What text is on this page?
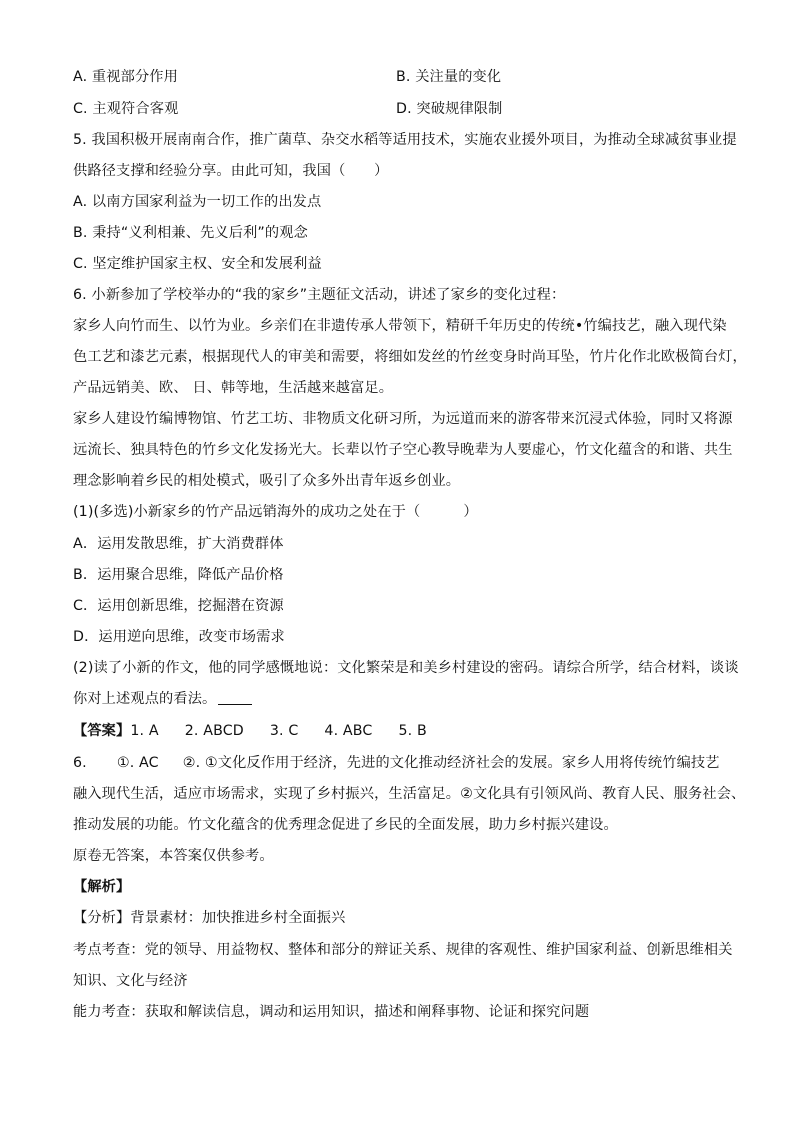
A. 重视部分作用	B. 关注量的变化
C. 主观符合客观	D. 突破规律限制
5. 我国积极开展南南合作，推广菌草、杂交水稻等适用技术，实施农业援外项目，为推动全球减贫事业提
供路径支撑和经验分享。由此可知，我国（　　）
A. 以南方国家利益为一切工作的出发点
B. 秉持“义利相兼、先义后利”的观念
C. 坚定维护国家主权、安全和发展利益
6. 小新参加了学校举办的“我的家乡”主题征文活动，讲述了家乡的变化过程：
家乡人向竹而生、以竹为业。乡亲们在非遗传承人带领下，精研千年历史的传统•竹编技艺，融入现代染
色工艺和漆艺元素，根据现代人的审美和需要，将细如发丝的竹丝变身时尚耳坠，竹片化作北欧极简台灯，
产品远销美、欧、 日、韩等地，生活越来越富足。
家乡人建设竹编博物馆、竹艺工坊、非物质文化研习所，为远道而来的游客带来沉浸式体验，同时又将源
远流长、独具特色的竹乡文化发扬光大。长辈以竹子空心教导晚辈为人要虚心，竹文化蕴含的和谐、共生
理念影响着乡民的相处模式，吸引了众多外出青年返乡创业。
(1)(多选)小新家乡的竹产品远销海外的成功之处在于（　　　）
A．运用发散思维，扩大消费群体
B．运用聚合思维，降低产品价格
C．运用创新思维，挖掘潜在资源
D．运用逆向思维，改变市场需求
(2)读了小新的作文，他的同学感慨地说：文化繁荣是和美乡村建设的密码。请综合所学，结合材料，谈谈
你对上述观点的看法。
【答案】1. A 2. ABCD 3. C 4. ABC 5. B
6. ①. AC ②. ①文化反作用于经济，先进的文化推动经济社会的发展。家乡人用将传统竹编技艺
融入现代生活，适应市场需求，实现了乡村振兴，生活富足。②文化具有引领风尚、教育人民、服务社会、
推动发展的功能。竹文化蕴含的优秀理念促进了乡民的全面发展，助力乡村振兴建设。
原卷无答案，本答案仅供参考。
【解析】
【分析】背景素材：加快推进乡村全面振兴
考点考查：党的领导、用益物权、整体和部分的辩证关系、规律的客观性、维护国家利益、创新思维相关
知识、文化与经济
能力考查：获取和解读信息，调动和运用知识，描述和阐释事物、论证和探究问题
